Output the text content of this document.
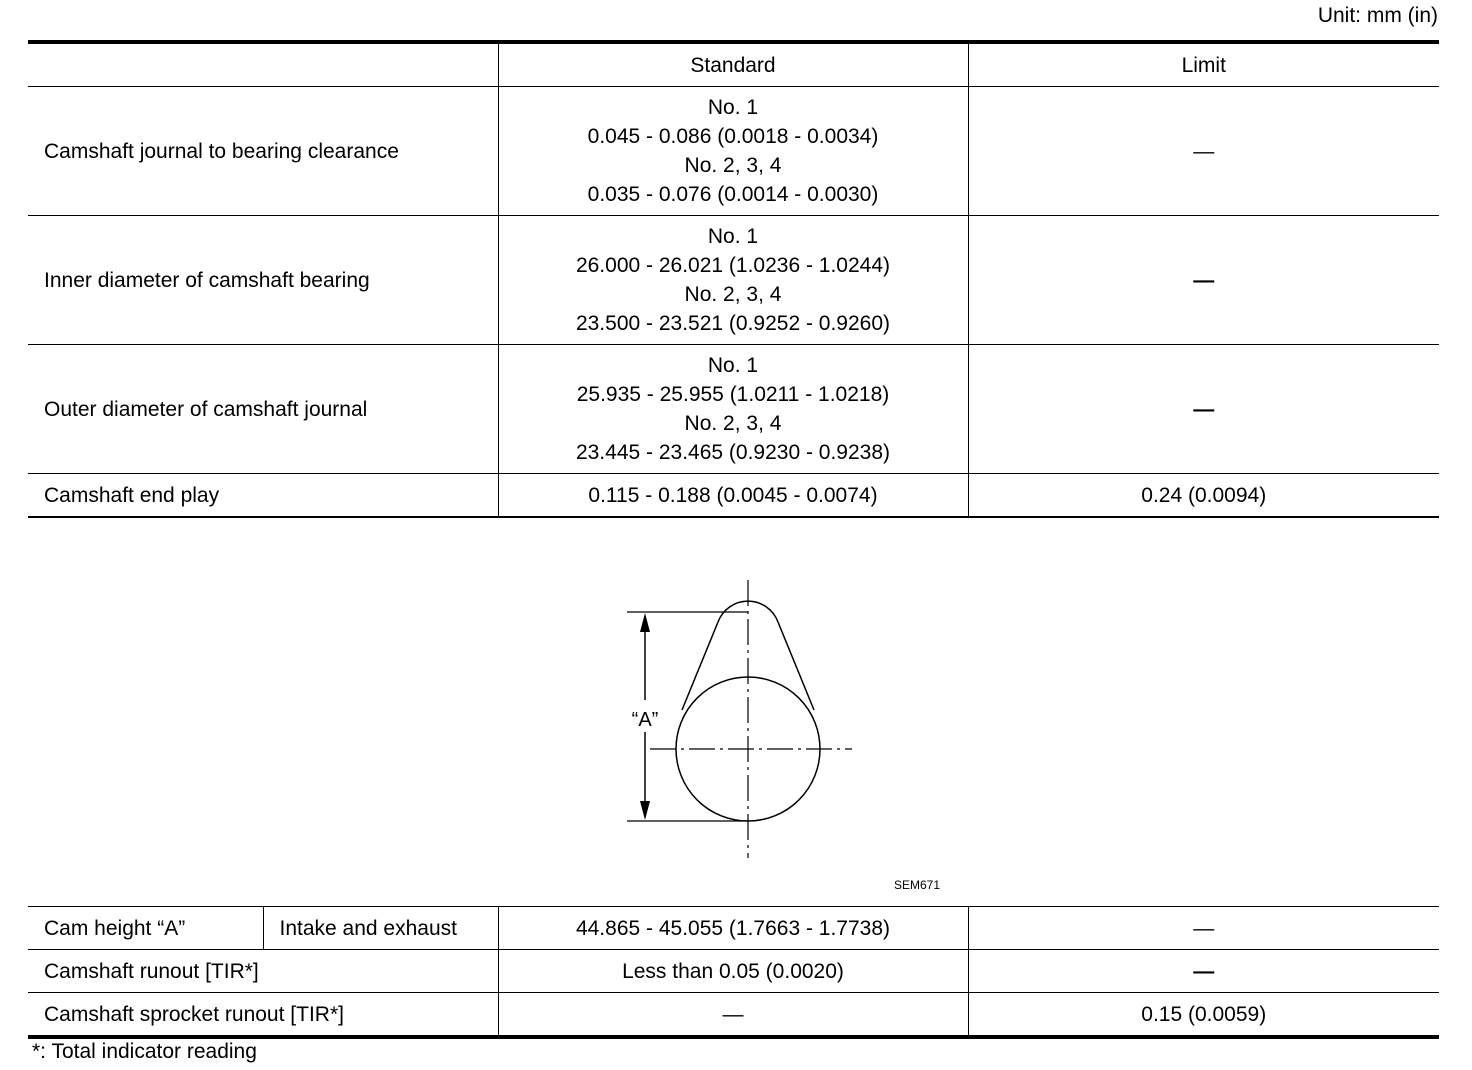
Unit: mm (in)
	Standard	Limit
Camshaft journal to bearing clearance	No. 1
0.045 - 0.086 (0.0018 - 0.0034)
No. 2, 3, 4
0.035 - 0.076 (0.0014 - 0.0030)	—
Inner diameter of camshaft bearing	No. 1
26.000 - 26.021 (1.0236 - 1.0244)
No. 2, 3, 4
23.500 - 23.521 (0.9252 - 0.9260)	—
Outer diameter of camshaft journal	No. 1
25.935 - 25.955 (1.0211 - 1.0218)
No. 2, 3, 4
23.445 - 23.465 (0.9230 - 0.9238)	—
Camshaft end play	0.115 - 0.188 (0.0045 - 0.0074)	0.24 (0.0094)
“A”
SEM671
Cam height “A”	Intake and exhaust	44.865 - 45.055 (1.7663 - 1.7738)	—
Camshaft runout [TIR*]		Less than 0.05 (0.0020)	—
Camshaft sprocket runout [TIR*]		—	0.15 (0.0059)
*: Total indicator reading
